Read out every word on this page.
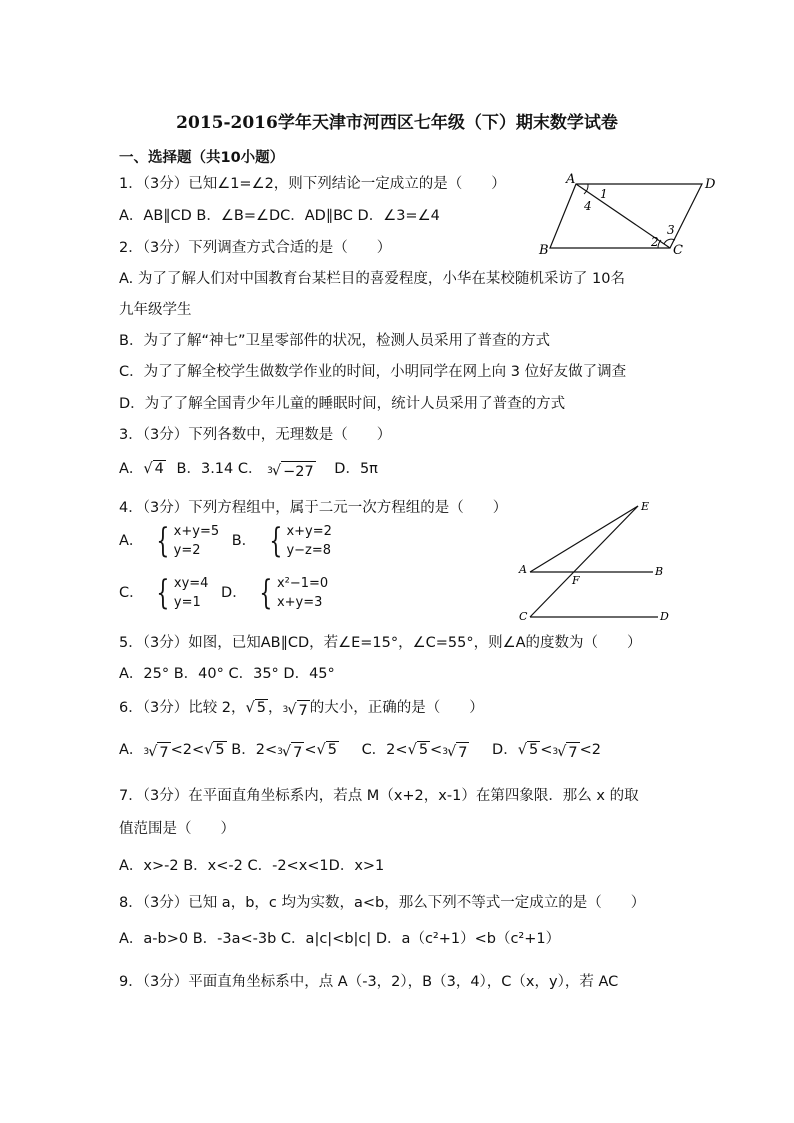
2015-2016学年天津市河西区七年级（下）期末数学试卷
一、选择题（共10小题）
1．（3分）已知∠1=∠2，则下列结论一定成立的是（　　）
A．AB∥CD B．∠B=∠DC．AD∥BC D．∠3=∠4
A	D
B	C
1
4
2
3
2．（3分）下列调查方式合适的是（　　）
A. 为了了解人们对中国教育台某栏目的喜爱程度，小华在某校随机采访了 10名
九年级学生
B．为了了解“神七”卫星零部件的状况，检测人员采用了普查的方式
C．为了了解全校学生做数学作业的时间，小明同学在网上向 3 位好友做了调查
D．为了了解全国青少年儿童的睡眠时间，统计人员采用了普查的方式
3．（3分）下列各数中，无理数是（　　）
A．√ 4 B．3.14 C． 3 √ −27 D．5π
4．（3分）下列方程组中，属于二元一次方程组的是（　　）
A． { x+y=5
y=2
B． { x+y=2
y−z=8
C． { xy=4
y=1
D． { x²−1=0
x+y=3
E
A
F
B
C	D
5．（3分）如图，已知AB∥CD，若∠E=15°，∠C=55°，则∠A的度数为（　　）
A．25° B．40° C．35° D．45°
6．（3分）比较 2，√ 5 ， 3 √ 7 的大小，正确的是（　　）
A． 3 √ 7 <2<√ 5 B．2< 3 √ 7 <√ 5 C．2<√ 5 < 3 √ 7 D．√ 5 < 3 √ 7 <2
7．（3分）在平面直角坐标系内，若点 M（x+2，x-1）在第四象限．那么 x 的取
值范围是（　　）
A．x>-2 B．x<-2 C．-2<x<1D．x>1
8．（3分）已知 a，b，c 均为实数，a<b，那么下列不等式一定成立的是（　　）
A．a-b>0 B．-3a<-3b C．a|c|<b|c| D．a（c²+1）<b（c²+1）
9．（3分）平面直角坐标系中，点 A（-3，2），B（3，4），C（x，y），若 AC
